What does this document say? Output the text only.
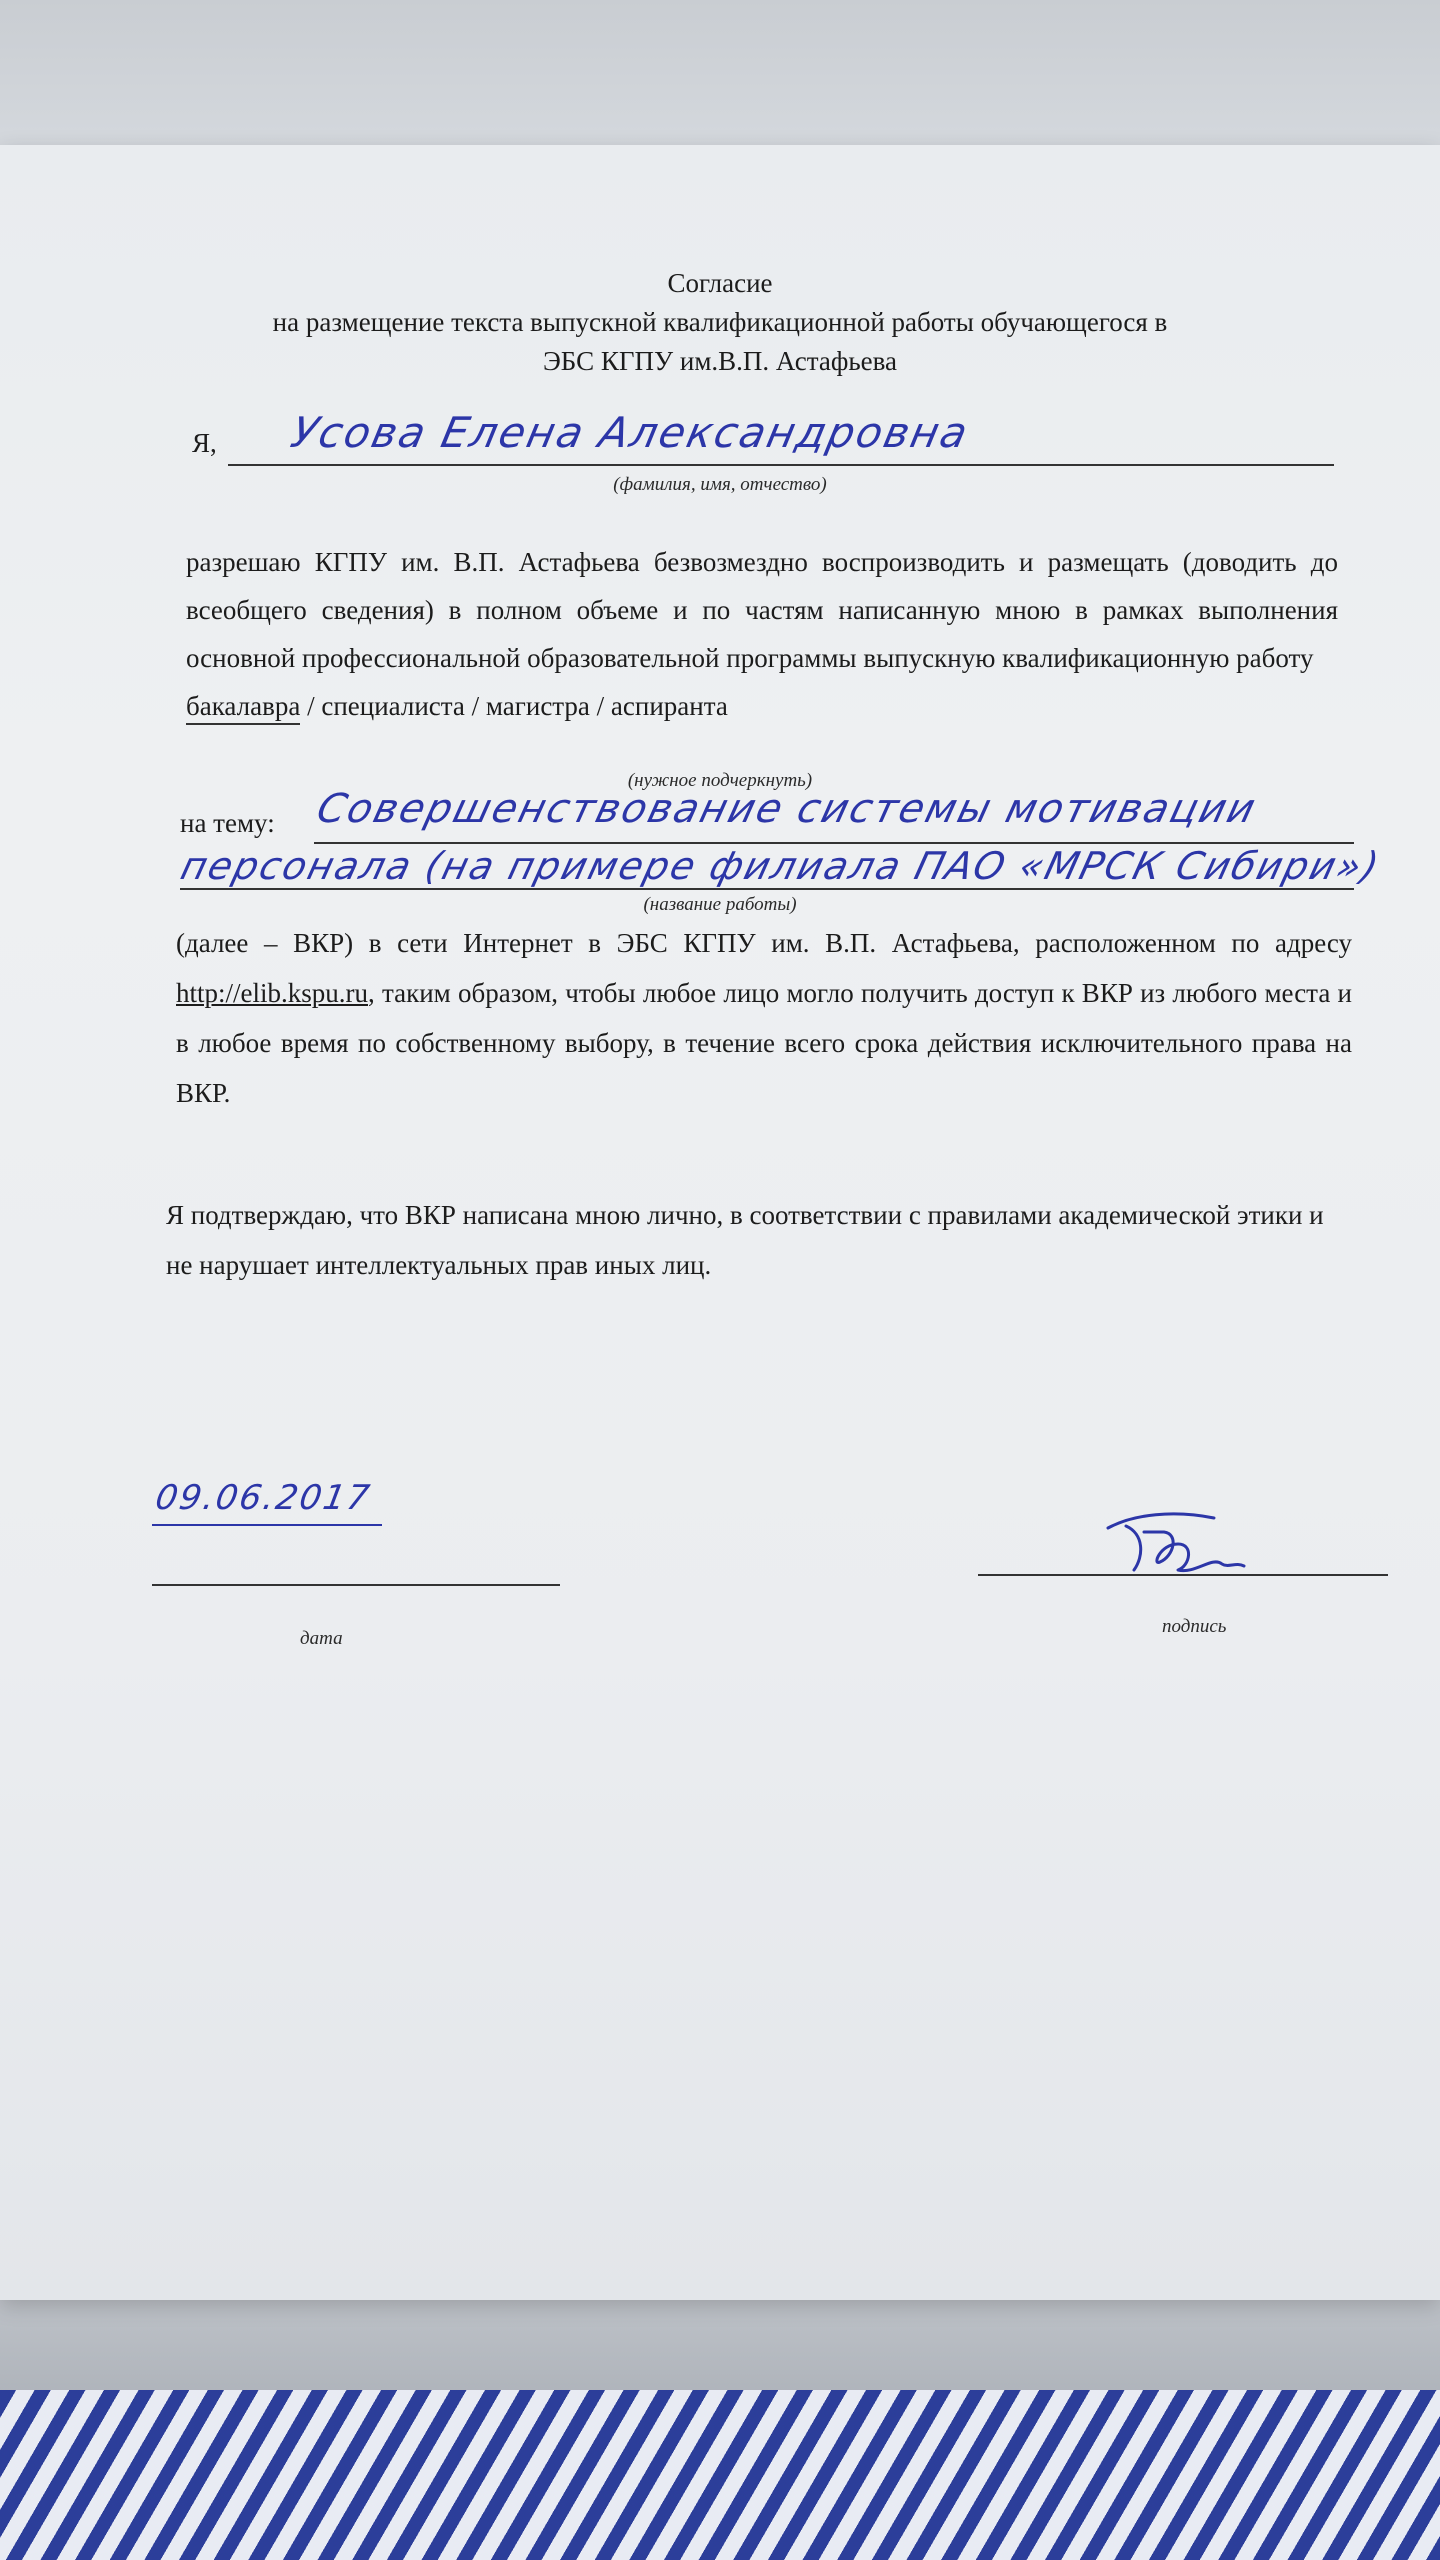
Согласие
на размещение текста выпускной квалификационной работы обучающегося в
ЭБС КГПУ им.В.П. Астафьева
Я, Усова Елена Александровна
(фамилия, имя, отчество)
разрешаю КГПУ им. В.П. Астафьева безвозмездно воспроизводить и размещать (доводить до всеобщего сведения) в полном объеме и по частям написанную мною в рамках выполнения основной профессиональной образовательной программы выпускную квалификационную работу
бакалавра / специалиста / магистра / аспиранта
(нужное подчеркнуть)
на тему: Совершенствование системы мотивации
персонала (на примере филиала ПАО «МРСК Сибири»)
(название работы)
(далее – ВКР) в сети Интернет в ЭБС КГПУ им. В.П. Астафьева, расположенном по адресу http://elib.kspu.ru, таким образом, чтобы любое лицо могло получить доступ к ВКР из любого места и в любое время по собственному выбору, в течение всего срока действия исключительного права на ВКР.
Я подтверждаю, что ВКР написана мною лично, в соответствии с правилами академической этики и не нарушает интеллектуальных прав иных лиц.
09.06.2017
дата
подпись
